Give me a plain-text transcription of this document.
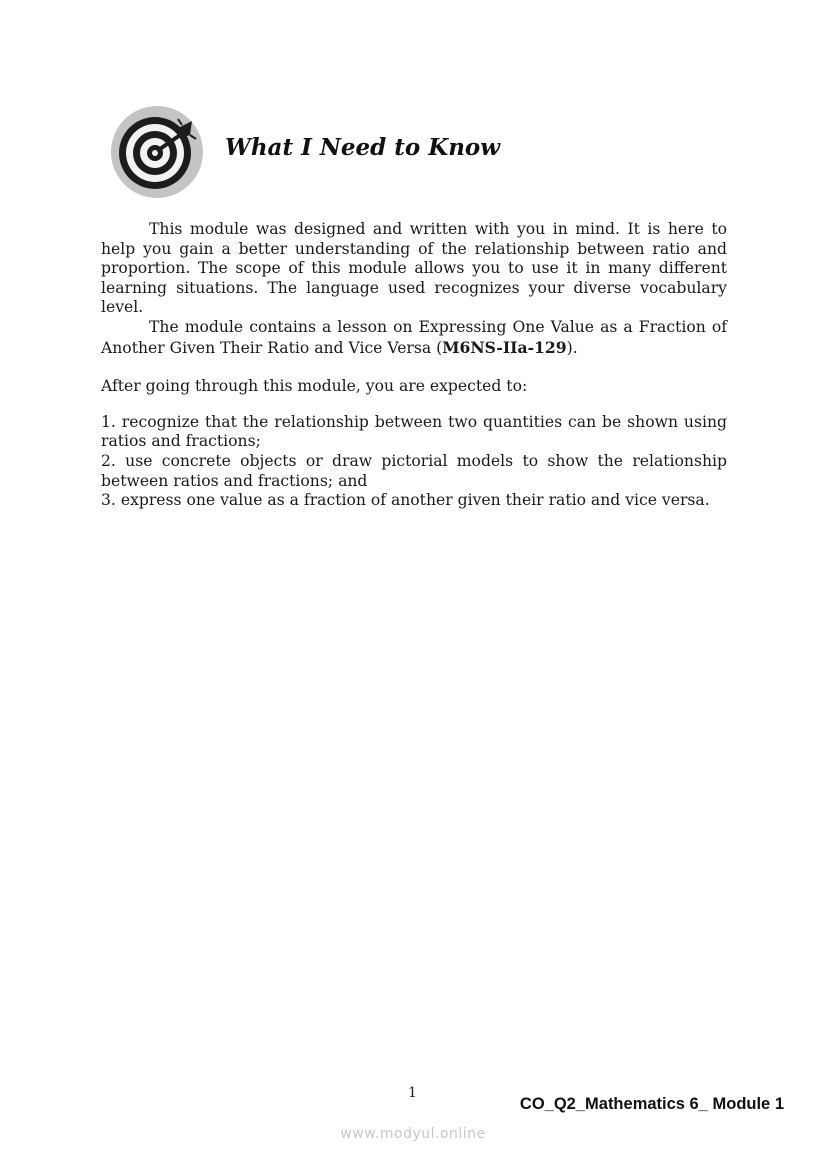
What I Need to Know

This module was designed and written with you in mind. It is here to help you gain a better understanding of the relationship between ratio and proportion. The scope of this module allows you to use it in many different learning situations. The language used recognizes your diverse vocabulary level.

The module contains a lesson on Expressing One Value as a Fraction of Another Given Their Ratio and Vice Versa (M6NS-IIa-129).

After going through this module, you are expected to:

1. recognize that the relationship between two quantities can be shown using ratios and fractions;
2. use concrete objects or draw pictorial models to show the relationship between ratios and fractions; and
3. express one value as a fraction of another given their ratio and vice versa.
1
CO_Q2_Mathematics 6_ Module 1
www.modyul.online
